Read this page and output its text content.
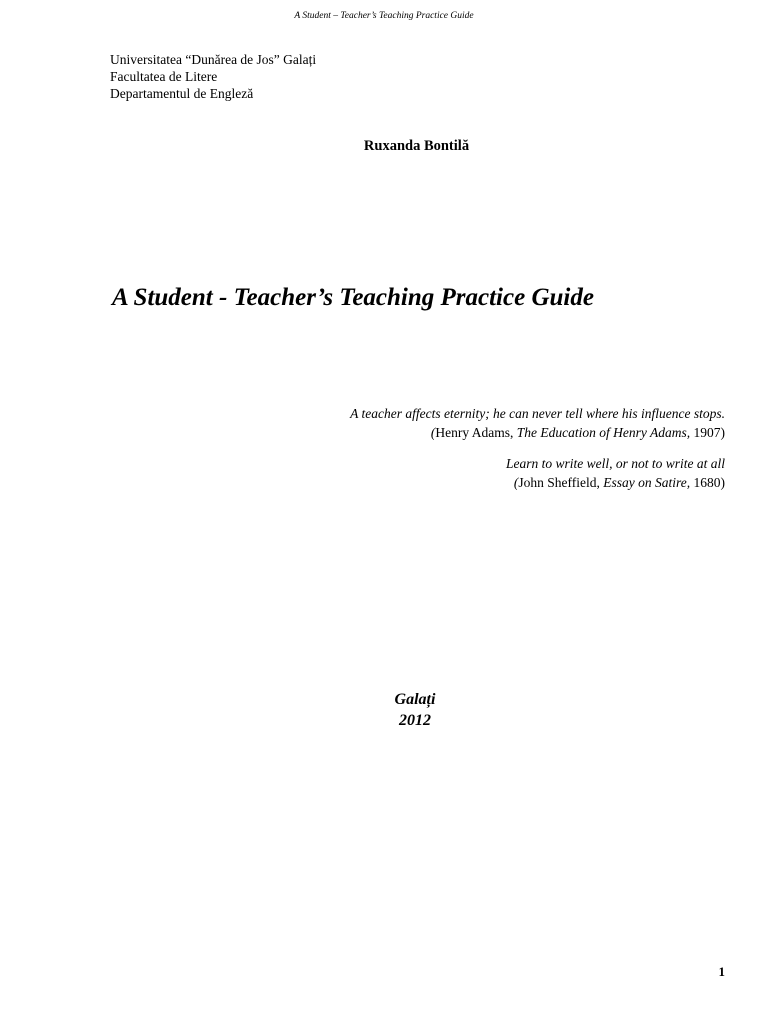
A Student – Teacher’s Teaching Practice Guide
Universitatea “Dunărea de Jos” Galați
Facultatea de Litere
Departamentul de Engleză
Ruxanda Bontilă
A Student - Teacher’s Teaching Practice Guide
A teacher affects eternity; he can never tell where his influence stops.
(Henry Adams, The Education of Henry Adams, 1907)
Learn to write well, or not to write at all
(John Sheffield, Essay on Satire, 1680)
Galați
2012
1
